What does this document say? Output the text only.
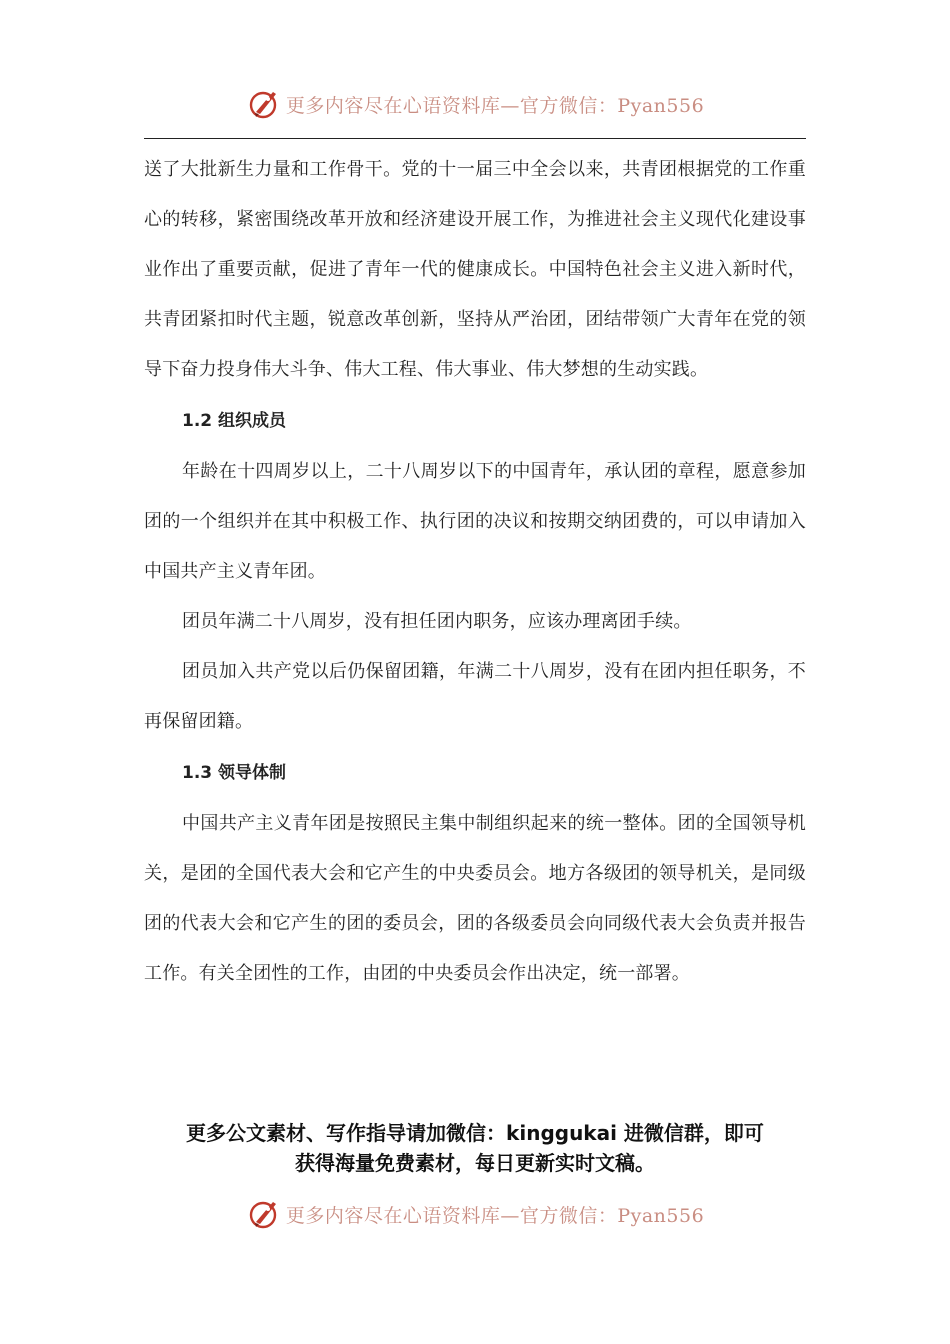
更多内容尽在心语资料库—官方微信：Pyan556

送了大批新生力量和工作骨干。党的十一届三中全会以来，共青团根据党的工作重心的转移，紧密围绕改革开放和经济建设开展工作，为推进社会主义现代化建设事业作出了重要贡献，促进了青年一代的健康成长。中国特色社会主义进入新时代，共青团紧扣时代主题，锐意改革创新，坚持从严治团，团结带领广大青年在党的领导下奋力投身伟大斗争、伟大工程、伟大事业、伟大梦想的生动实践。

1.2 组织成员

年龄在十四周岁以上，二十八周岁以下的中国青年，承认团的章程，愿意参加团的一个组织并在其中积极工作、执行团的决议和按期交纳团费的，可以申请加入中国共产主义青年团。

团员年满二十八周岁，没有担任团内职务，应该办理离团手续。

团员加入共产党以后仍保留团籍，年满二十八周岁，没有在团内担任职务，不再保留团籍。

1.3 领导体制

中国共产主义青年团是按照民主集中制组织起来的统一整体。团的全国领导机关，是团的全国代表大会和它产生的中央委员会。地方各级团的领导机关，是同级团的代表大会和它产生的团的委员会，团的各级委员会向同级代表大会负责并报告工作。有关全团性的工作，由团的中央委员会作出决定，统一部署。

更多公文素材、写作指导请加微信：kinggukai 进微信群，即可
获得海量免费素材，每日更新实时文稿。
更多内容尽在心语资料库—官方微信：Pyan556
